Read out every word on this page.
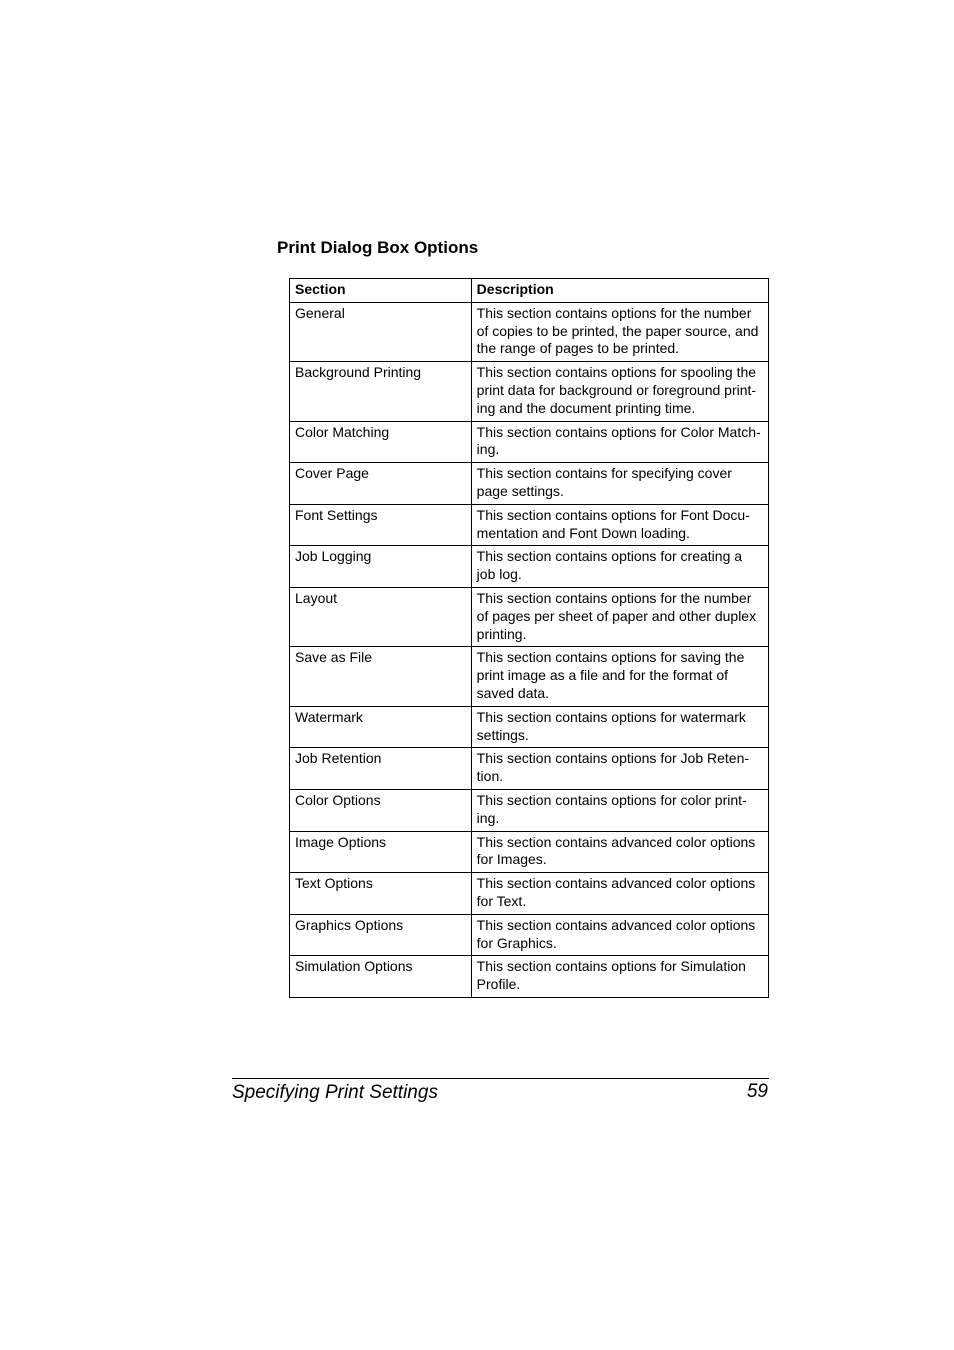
Print Dialog Box Options
Section	Description
General	This section contains options for the number
of copies to be printed, the paper source, and
the range of pages to be printed.
Background Printing	This section contains options for spooling the
print data for background or foreground print-
ing and the document printing time.
Color Matching	This section contains options for Color Match-
ing.
Cover Page	This section contains for specifying cover
page settings.
Font Settings	This section contains options for Font Docu-
mentation and Font Down loading.
Job Logging	This section contains options for creating a
job log.
Layout	This section contains options for the number
of pages per sheet of paper and other duplex
printing.
Save as File	This section contains options for saving the
print image as a file and for the format of
saved data.
Watermark	This section contains options for watermark
settings.
Job Retention	This section contains options for Job Reten-
tion.
Color Options	This section contains options for color print-
ing.
Image Options	This section contains advanced color options
for Images.
Text Options	This section contains advanced color options
for Text.
Graphics Options	This section contains advanced color options
for Graphics.
Simulation Options	This section contains options for Simulation
Profile.
Specifying Print Settings	59
